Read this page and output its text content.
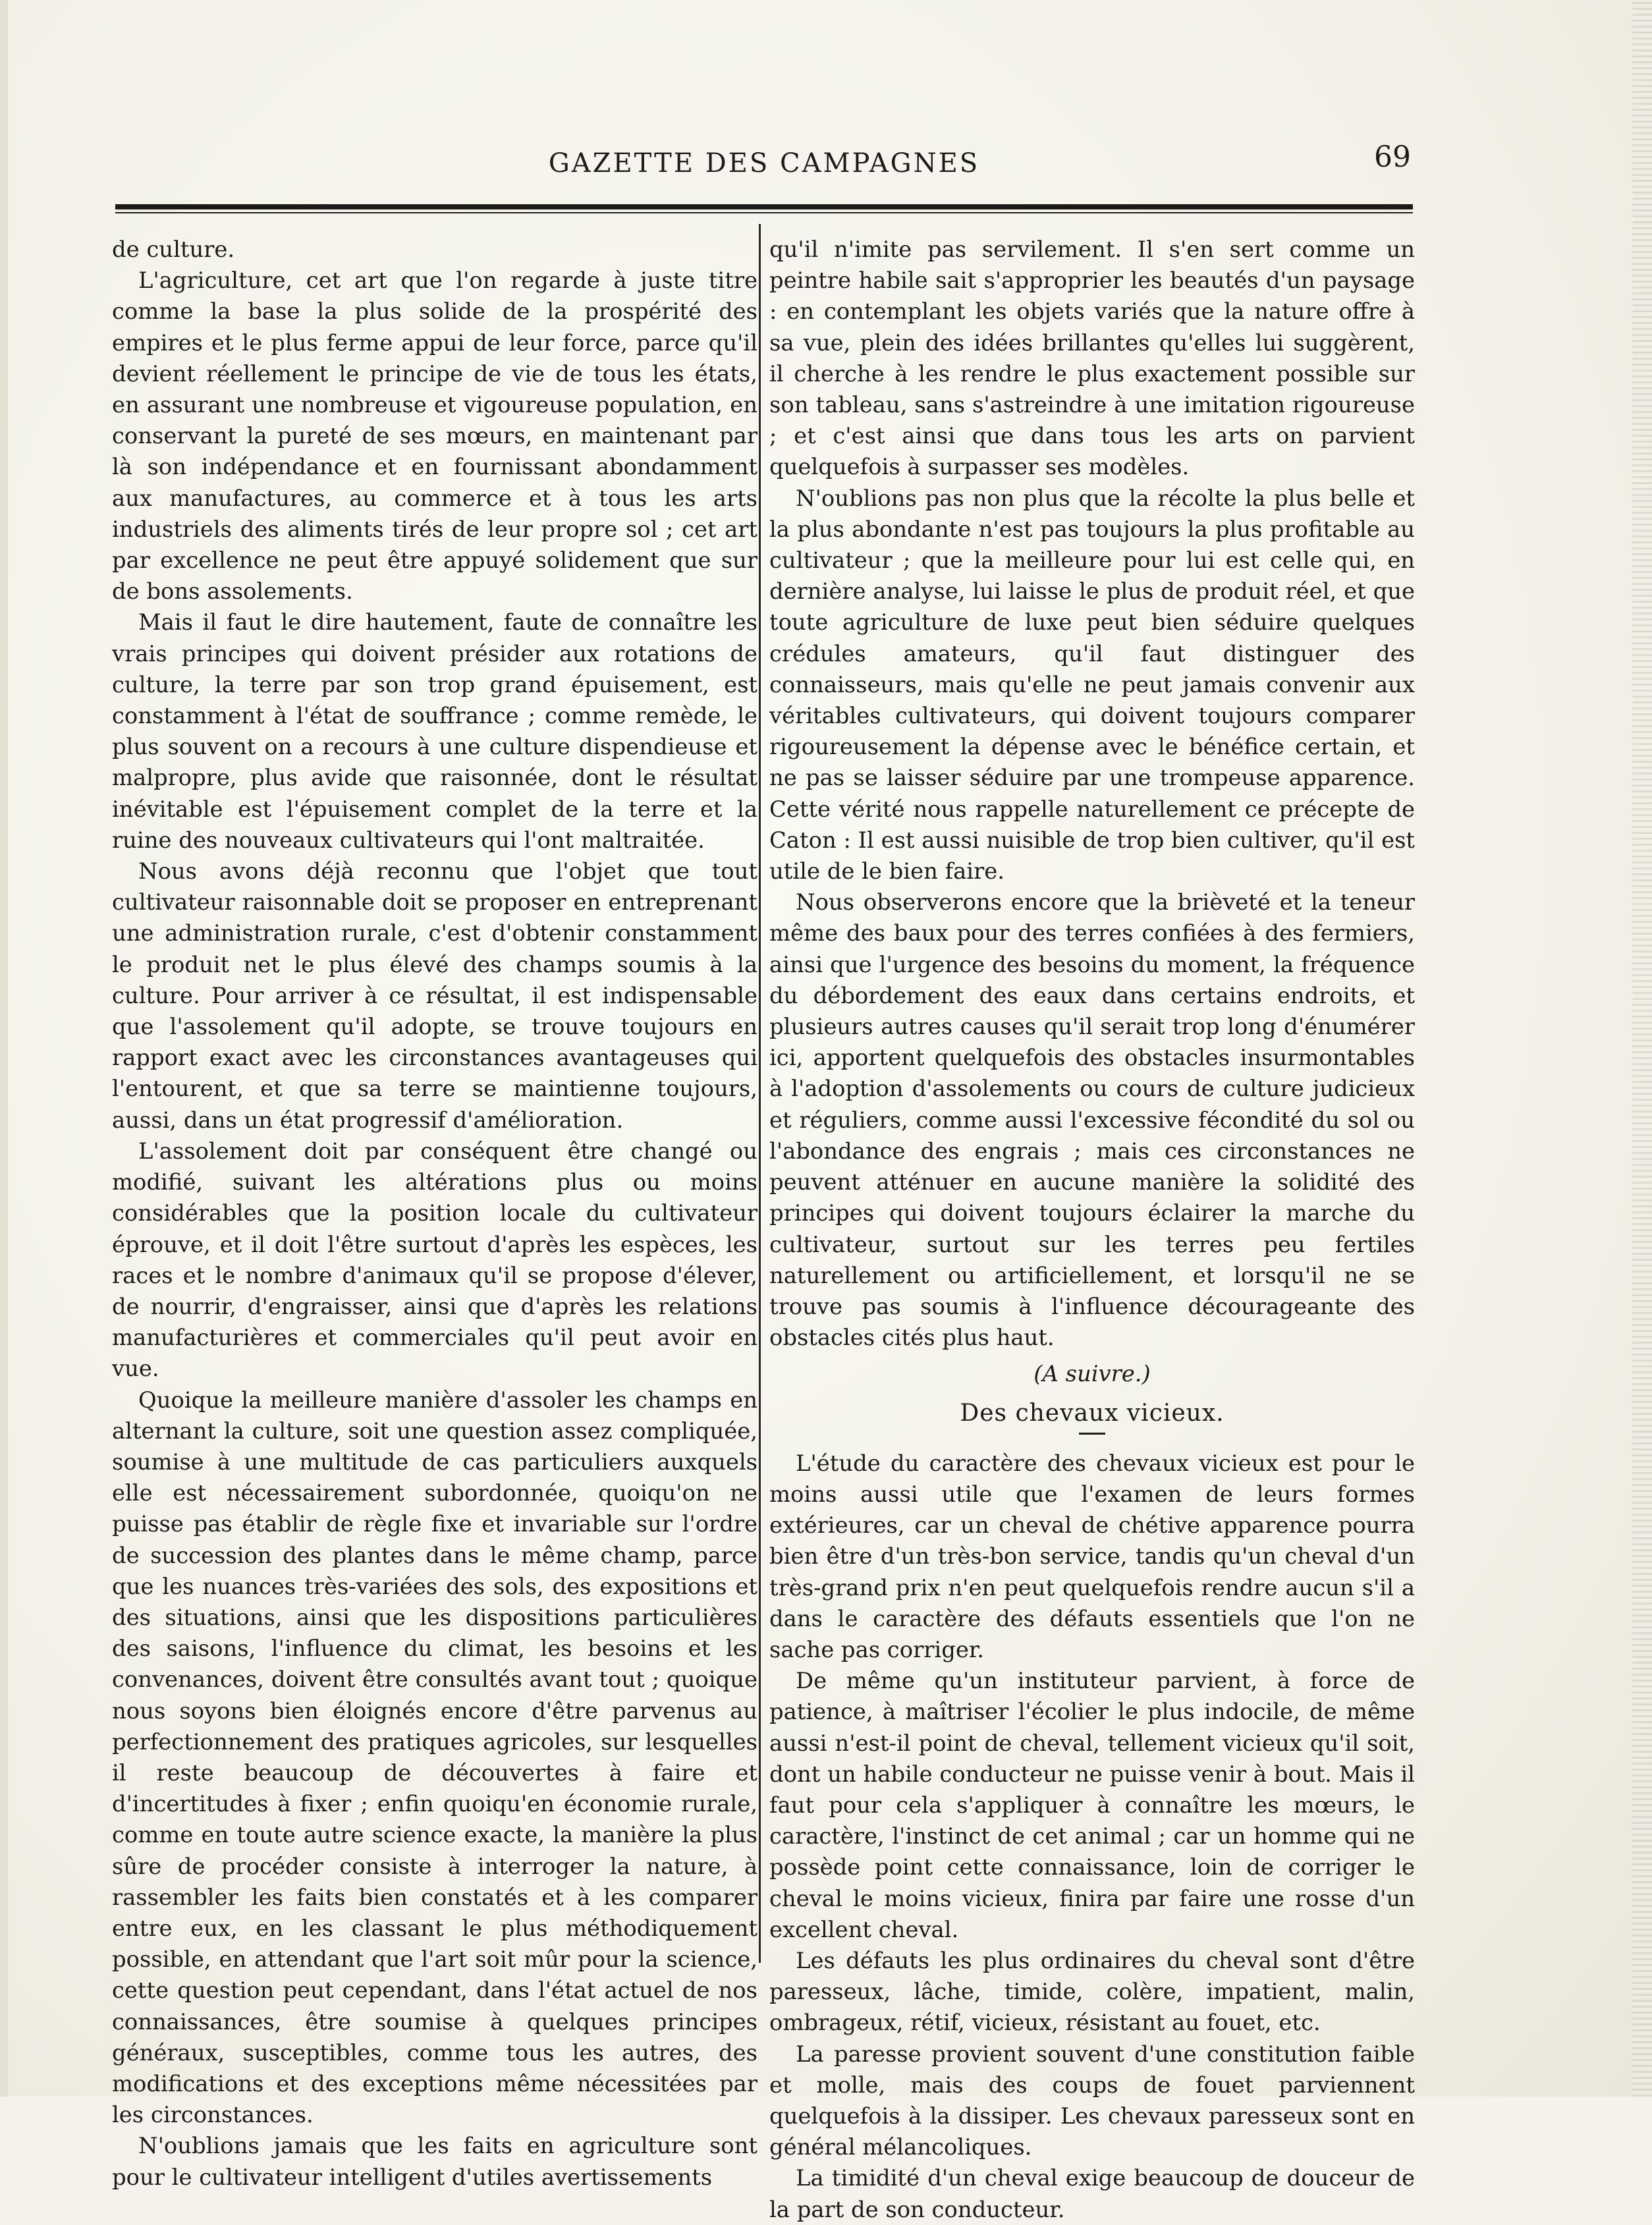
GAZETTE DES CAMPAGNES	69

de culture.

L'agriculture, cet art que l'on regarde à juste titre comme la base la plus solide de la prospérité des empires et le plus ferme appui de leur force, parce qu'il devient réellement le principe de vie de tous les états, en assurant une nombreuse et vigoureuse population, en conservant la pureté de ses mœurs, en maintenant par là son indépendance et en fournissant abondamment aux manufactures, au commerce et à tous les arts industriels des aliments tirés de leur propre sol ; cet art par excellence ne peut être appuyé solidement que sur de bons assolements.

Mais il faut le dire hautement, faute de connaître les vrais principes qui doivent présider aux rotations de culture, la terre par son trop grand épuisement, est constamment à l'état de souffrance ; comme remède, le plus souvent on a recours à une culture dispendieuse et malpropre, plus avide que raisonnée, dont le résultat inévitable est l'épuisement complet de la terre et la ruine des nouveaux cultivateurs qui l'ont maltraitée.

Nous avons déjà reconnu que l'objet que tout cultivateur raisonnable doit se proposer en entreprenant une administration rurale, c'est d'obtenir constamment le produit net le plus élevé des champs soumis à la culture. Pour arriver à ce résultat, il est indispensable que l'assolement qu'il adopte, se trouve toujours en rapport exact avec les circonstances avantageuses qui l'entourent, et que sa terre se maintienne toujours, aussi, dans un état progressif d'amélioration.

L'assolement doit par conséquent être changé ou modifié, suivant les altérations plus ou moins considérables que la position locale du cultivateur éprouve, et il doit l'être surtout d'après les espèces, les races et le nombre d'animaux qu'il se propose d'élever, de nourrir, d'engraisser, ainsi que d'après les relations manufacturières et commerciales qu'il peut avoir en vue.

Quoique la meilleure manière d'assoler les champs en alternant la culture, soit une question assez compliquée, soumise à une multitude de cas particuliers auxquels elle est nécessairement subordonnée, quoiqu'on ne puisse pas établir de règle fixe et invariable sur l'ordre de succession des plantes dans le même champ, parce que les nuances très-variées des sols, des expositions et des situations, ainsi que les dispositions particulières des saisons, l'influence du climat, les besoins et les convenances, doivent être consultés avant tout ; quoique nous soyons bien éloignés encore d'être parvenus au perfectionnement des pratiques agricoles, sur lesquelles il reste beaucoup de découvertes à faire et d'incertitudes à fixer ; enfin quoiqu'en économie rurale, comme en toute autre science exacte, la manière la plus sûre de procéder consiste à interroger la nature, à rassembler les faits bien constatés et à les comparer entre eux, en les classant le plus méthodiquement possible, en attendant que l'art soit mûr pour la science, cette question peut cependant, dans l'état actuel de nos connaissances, être soumise à quelques principes généraux, susceptibles, comme tous les autres, des modifications et des exceptions même nécessitées par les circonstances.

N'oublions jamais que les faits en agriculture sont pour le cultivateur intelligent d'utiles avertissements

qu'il n'imite pas servilement. Il s'en sert comme un peintre habile sait s'approprier les beautés d'un paysage : en contemplant les objets variés que la nature offre à sa vue, plein des idées brillantes qu'elles lui suggèrent, il cherche à les rendre le plus exactement possible sur son tableau, sans s'astreindre à une imitation rigoureuse ; et c'est ainsi que dans tous les arts on parvient quelquefois à surpasser ses modèles.

N'oublions pas non plus que la récolte la plus belle et la plus abondante n'est pas toujours la plus profitable au cultivateur ; que la meilleure pour lui est celle qui, en dernière analyse, lui laisse le plus de produit réel, et que toute agriculture de luxe peut bien séduire quelques crédules amateurs, qu'il faut distinguer des connaisseurs, mais qu'elle ne peut jamais convenir aux véritables cultivateurs, qui doivent toujours comparer rigoureusement la dépense avec le bénéfice certain, et ne pas se laisser séduire par une trompeuse apparence. Cette vérité nous rappelle naturellement ce précepte de Caton : Il est aussi nuisible de trop bien cultiver, qu'il est utile de le bien faire.

Nous observerons encore que la brièveté et la teneur même des baux pour des terres confiées à des fermiers, ainsi que l'urgence des besoins du moment, la fréquence du débordement des eaux dans certains endroits, et plusieurs autres causes qu'il serait trop long d'énumérer ici, apportent quelquefois des obstacles insurmontables à l'adoption d'assolements ou cours de culture judicieux et réguliers, comme aussi l'excessive fécondité du sol ou l'abondance des engrais ; mais ces circonstances ne peuvent atténuer en aucune manière la solidité des principes qui doivent toujours éclairer la marche du cultivateur, surtout sur les terres peu fertiles naturellement ou artificiellement, et lorsqu'il ne se trouve pas soumis à l'influence décourageante des obstacles cités plus haut.

(A suivre.)
Des chevaux vicieux.

L'étude du caractère des chevaux vicieux est pour le moins aussi utile que l'examen de leurs formes extérieures, car un cheval de chétive apparence pourra bien être d'un très-bon service, tandis qu'un cheval d'un très-grand prix n'en peut quelquefois rendre aucun s'il a dans le caractère des défauts essentiels que l'on ne sache pas corriger.

De même qu'un instituteur parvient, à force de patience, à maîtriser l'écolier le plus indocile, de même aussi n'est-il point de cheval, tellement vicieux qu'il soit, dont un habile conducteur ne puisse venir à bout. Mais il faut pour cela s'appliquer à connaître les mœurs, le caractère, l'instinct de cet animal ; car un homme qui ne possède point cette connaissance, loin de corriger le cheval le moins vicieux, finira par faire une rosse d'un excellent cheval.

Les défauts les plus ordinaires du cheval sont d'être paresseux, lâche, timide, colère, impatient, malin, ombrageux, rétif, vicieux, résistant au fouet, etc.

La paresse provient souvent d'une constitution faible et molle, mais des coups de fouet parviennent quelquefois à la dissiper. Les chevaux paresseux sont en général mélancoliques.

La timidité d'un cheval exige beaucoup de douceur de la part de son conducteur.
